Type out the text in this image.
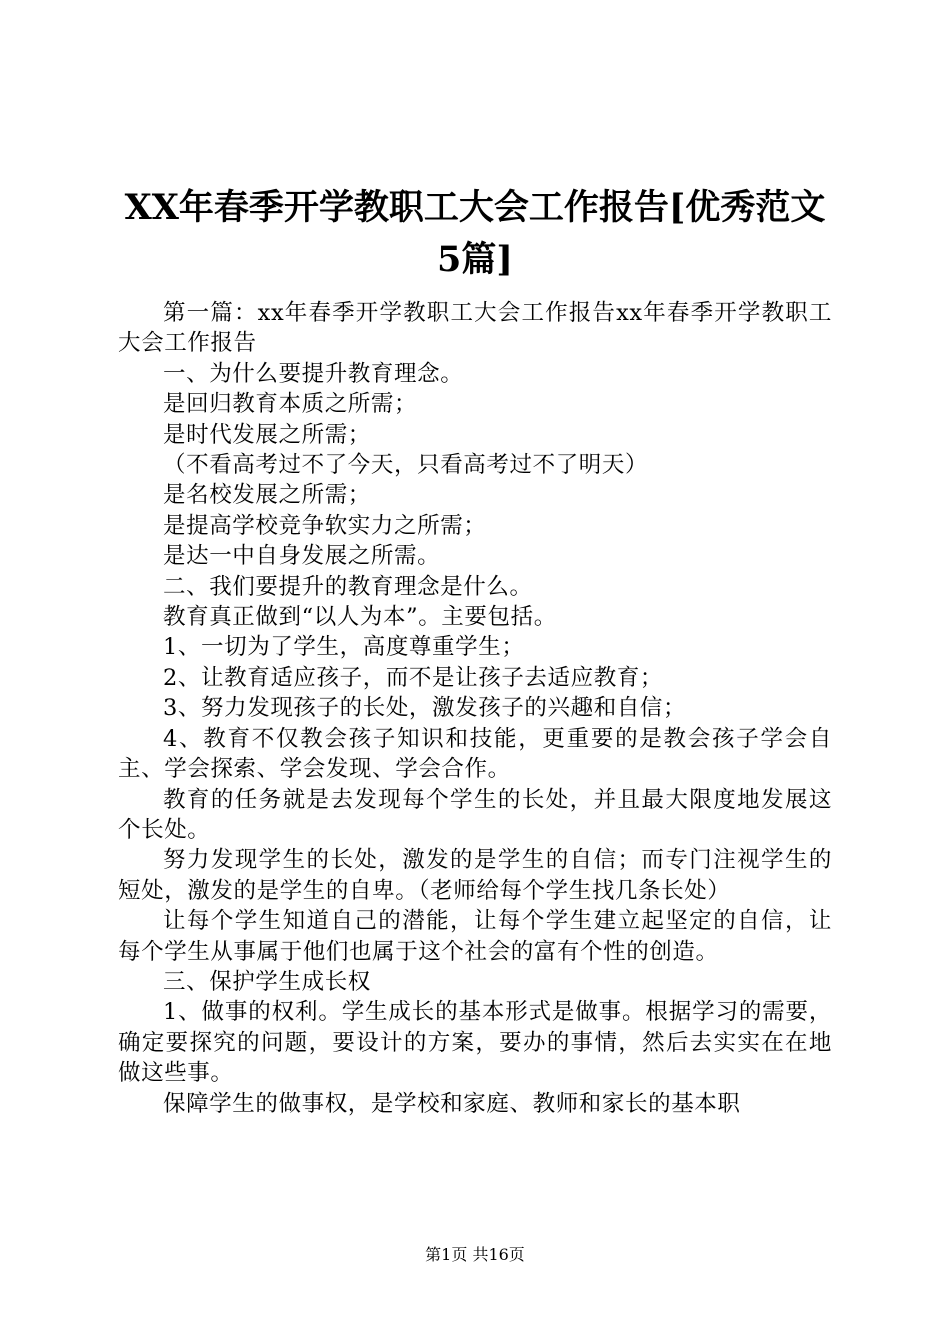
XX年春季开学教职工大会工作报告[优秀范文5篇]

第一篇：xx年春季开学教职工大会工作报告xx年春季开学教职工大会工作报告

一、为什么要提升教育理念。

是回归教育本质之所需；

是时代发展之所需；

（不看高考过不了今天，只看高考过不了明天）

是名校发展之所需；

是提高学校竞争软实力之所需；

是达一中自身发展之所需。

二、我们要提升的教育理念是什么。

教育真正做到“以人为本”。主要包括。

1、一切为了学生，高度尊重学生；

2、让教育适应孩子，而不是让孩子去适应教育；

3、努力发现孩子的长处，激发孩子的兴趣和自信；

4、教育不仅教会孩子知识和技能，更重要的是教会孩子学会自主、学会探索、学会发现、学会合作。

教育的任务就是去发现每个学生的长处，并且最大限度地发展这个长处。

努力发现学生的长处，激发的是学生的自信；而专门注视学生的短处，激发的是学生的自卑。（老师给每个学生找几条长处）

让每个学生知道自己的潜能，让每个学生建立起坚定的自信，让每个学生从事属于他们也属于这个社会的富有个性的创造。

三、保护学生成长权

1、做事的权利。学生成长的基本形式是做事。根据学习的需要，确定要探究的问题，要设计的方案，要办的事情，然后去实实在在地做这些事。

保障学生的做事权，是学校和家庭、教师和家长的基本职

第1页 共16页
